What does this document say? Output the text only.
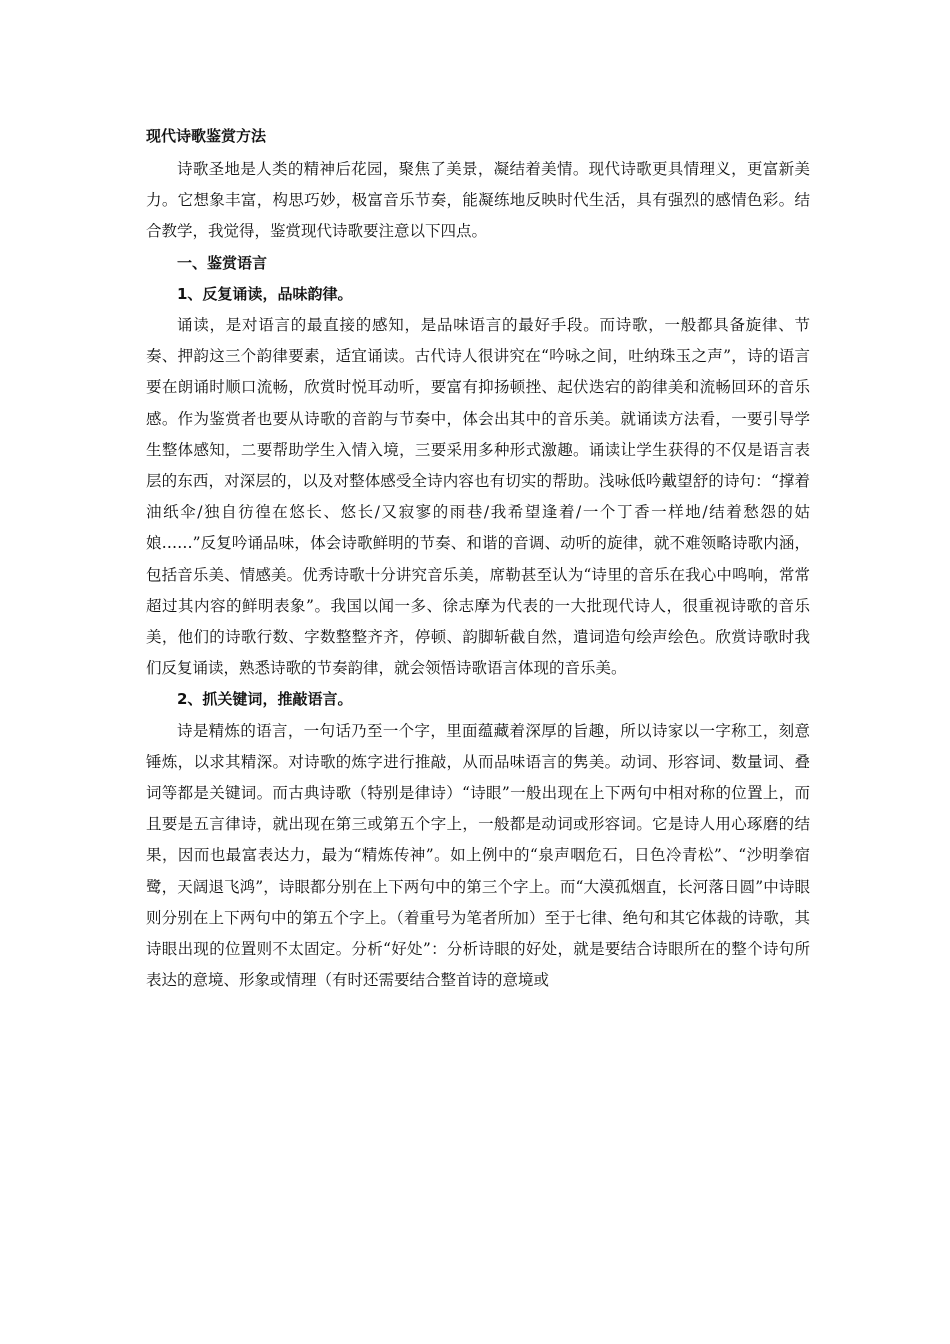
现代诗歌鉴赏方法

诗歌圣地是人类的精神后花园，聚焦了美景，凝结着美情。现代诗歌更具情理义，更富新美力。它想象丰富，构思巧妙，极富音乐节奏，能凝练地反映时代生活，具有强烈的感情色彩。结合教学，我觉得，鉴赏现代诗歌要注意以下四点。

一、鉴赏语言

1、反复诵读，品味韵律。

诵读，是对语言的最直接的感知，是品味语言的最好手段。而诗歌，一般都具备旋律、节奏、押韵这三个韵律要素，适宜诵读。古代诗人很讲究在“吟咏之间，吐纳珠玉之声”，诗的语言要在朗诵时顺口流畅，欣赏时悦耳动听，要富有抑扬顿挫、起伏迭宕的韵律美和流畅回环的音乐感。作为鉴赏者也要从诗歌的音韵与节奏中，体会出其中的音乐美。就诵读方法看，一要引导学生整体感知，二要帮助学生入情入境，三要采用多种形式激趣。诵读让学生获得的不仅是语言表层的东西，对深层的，以及对整体感受全诗内容也有切实的帮助。浅咏低吟戴望舒的诗句：“撑着油纸伞/独自彷徨在悠长、悠长/又寂寥的雨巷/我希望逢着/一个丁香一样地/结着愁怨的姑娘……”反复吟诵品味，体会诗歌鲜明的节奏、和谐的音调、动听的旋律，就不难领略诗歌内涵，包括音乐美、情感美。优秀诗歌十分讲究音乐美，席勒甚至认为“诗里的音乐在我心中鸣响，常常超过其内容的鲜明表象”。我国以闻一多、徐志摩为代表的一大批现代诗人，很重视诗歌的音乐美，他们的诗歌行数、字数整整齐齐，停顿、韵脚斩截自然，遣词造句绘声绘色。欣赏诗歌时我们反复诵读，熟悉诗歌的节奏韵律，就会领悟诗歌语言体现的音乐美。

2、抓关键词，推敲语言。

诗是精炼的语言，一句话乃至一个字，里面蕴藏着深厚的旨趣，所以诗家以一字称工，刻意锤炼，以求其精深。对诗歌的炼字进行推敲，从而品味语言的隽美。动词、形容词、数量词、叠词等都是关键词。而古典诗歌（特别是律诗）“诗眼”一般出现在上下两句中相对称的位置上，而且要是五言律诗，就出现在第三或第五个字上，一般都是动词或形容词。它是诗人用心琢磨的结果，因而也最富表达力，最为“精炼传神”。如上例中的“泉声咽危石，日色冷青松”、“沙明拳宿鹭，天阔退飞鸿”，诗眼都分别在上下两句中的第三个字上。而“大漠孤烟直，长河落日圆”中诗眼则分别在上下两句中的第五个字上。（着重号为笔者所加）至于七律、绝句和其它体裁的诗歌，其诗眼出现的位置则不太固定。分析“好处”：分析诗眼的好处，就是要结合诗眼所在的整个诗句所表达的意境、形象或情理（有时还需要结合整首诗的意境或
